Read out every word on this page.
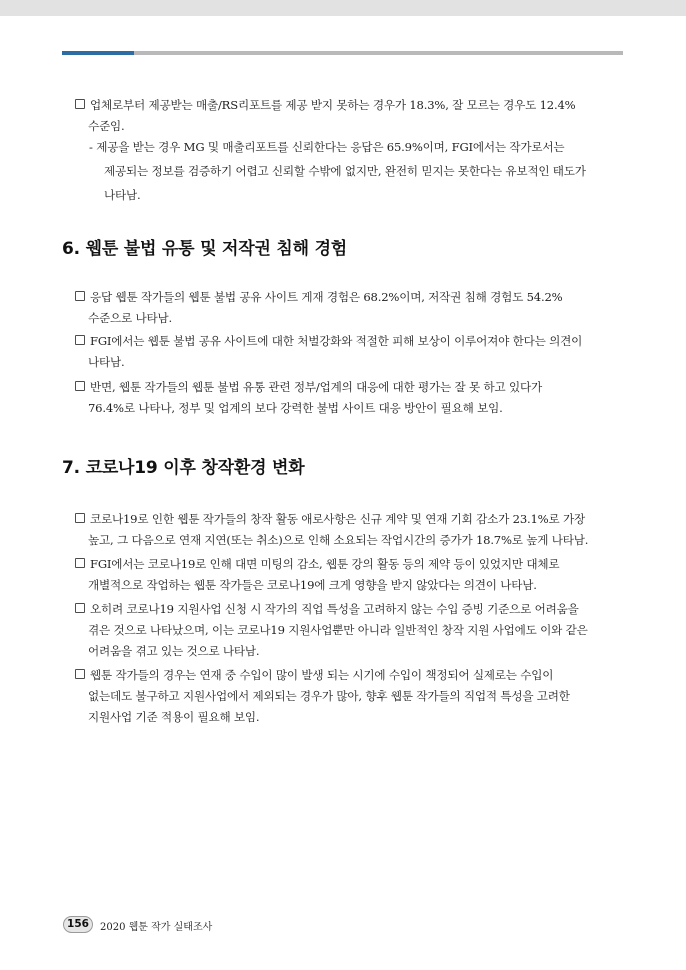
업체로부터 제공받는 매출/RS리포트를 제공 받지 못하는 경우가 18.3%, 잘 모르는 경우도 12.4%
수준임.
- 제공을 받는 경우 MG 및 매출리포트를 신뢰한다는 응답은 65.9%이며, FGI에서는 작가로서는
제공되는 정보를 검증하기 어렵고 신뢰할 수밖에 없지만, 완전히 믿지는 못한다는 유보적인 태도가
나타남.
6. 웹툰 불법 유통 및 저작권 침해 경험
응답 웹툰 작가들의 웹툰 불법 공유 사이트 게재 경험은 68.2%이며, 저작권 침해 경험도 54.2%
수준으로 나타남.
FGI에서는 웹툰 불법 공유 사이트에 대한 처벌강화와 적절한 피해 보상이 이루어져야 한다는 의견이
나타남.
반면, 웹툰 작가들의 웹툰 불법 유통 관련 정부/업계의 대응에 대한 평가는 잘 못 하고 있다가
76.4%로 나타나, 정부 및 업계의 보다 강력한 불법 사이트 대응 방안이 필요해 보임.
7. 코로나19 이후 창작환경 변화
코로나19로 인한 웹툰 작가들의 창작 활동 애로사항은 신규 계약 및 연재 기회 감소가 23.1%로 가장
높고, 그 다음으로 연재 지연(또는 취소)으로 인해 소요되는 작업시간의 증가가 18.7%로 높게 나타남.
FGI에서는 코로나19로 인해 대면 미팅의 감소, 웹툰 강의 활동 등의 제약 등이 있었지만 대체로
개별적으로 작업하는 웹툰 작가들은 코로나19에 크게 영향을 받지 않았다는 의견이 나타남.
오히려 코로나19 지원사업 신청 시 작가의 직업 특성을 고려하지 않는 수입 증빙 기준으로 어려움을
겪은 것으로 나타났으며, 이는 코로나19 지원사업뿐만 아니라 일반적인 창작 지원 사업에도 이와 같은
어려움을 겪고 있는 것으로 나타남.
웹툰 작가들의 경우는 연재 중 수입이 많이 발생 되는 시기에 수입이 책정되어 실제로는 수입이
없는데도 불구하고 지원사업에서 제외되는 경우가 많아, 향후 웹툰 작가들의 직업적 특성을 고려한
지원사업 기준 적용이 필요해 보임.
156	2020 웹툰 작가 실태조사
